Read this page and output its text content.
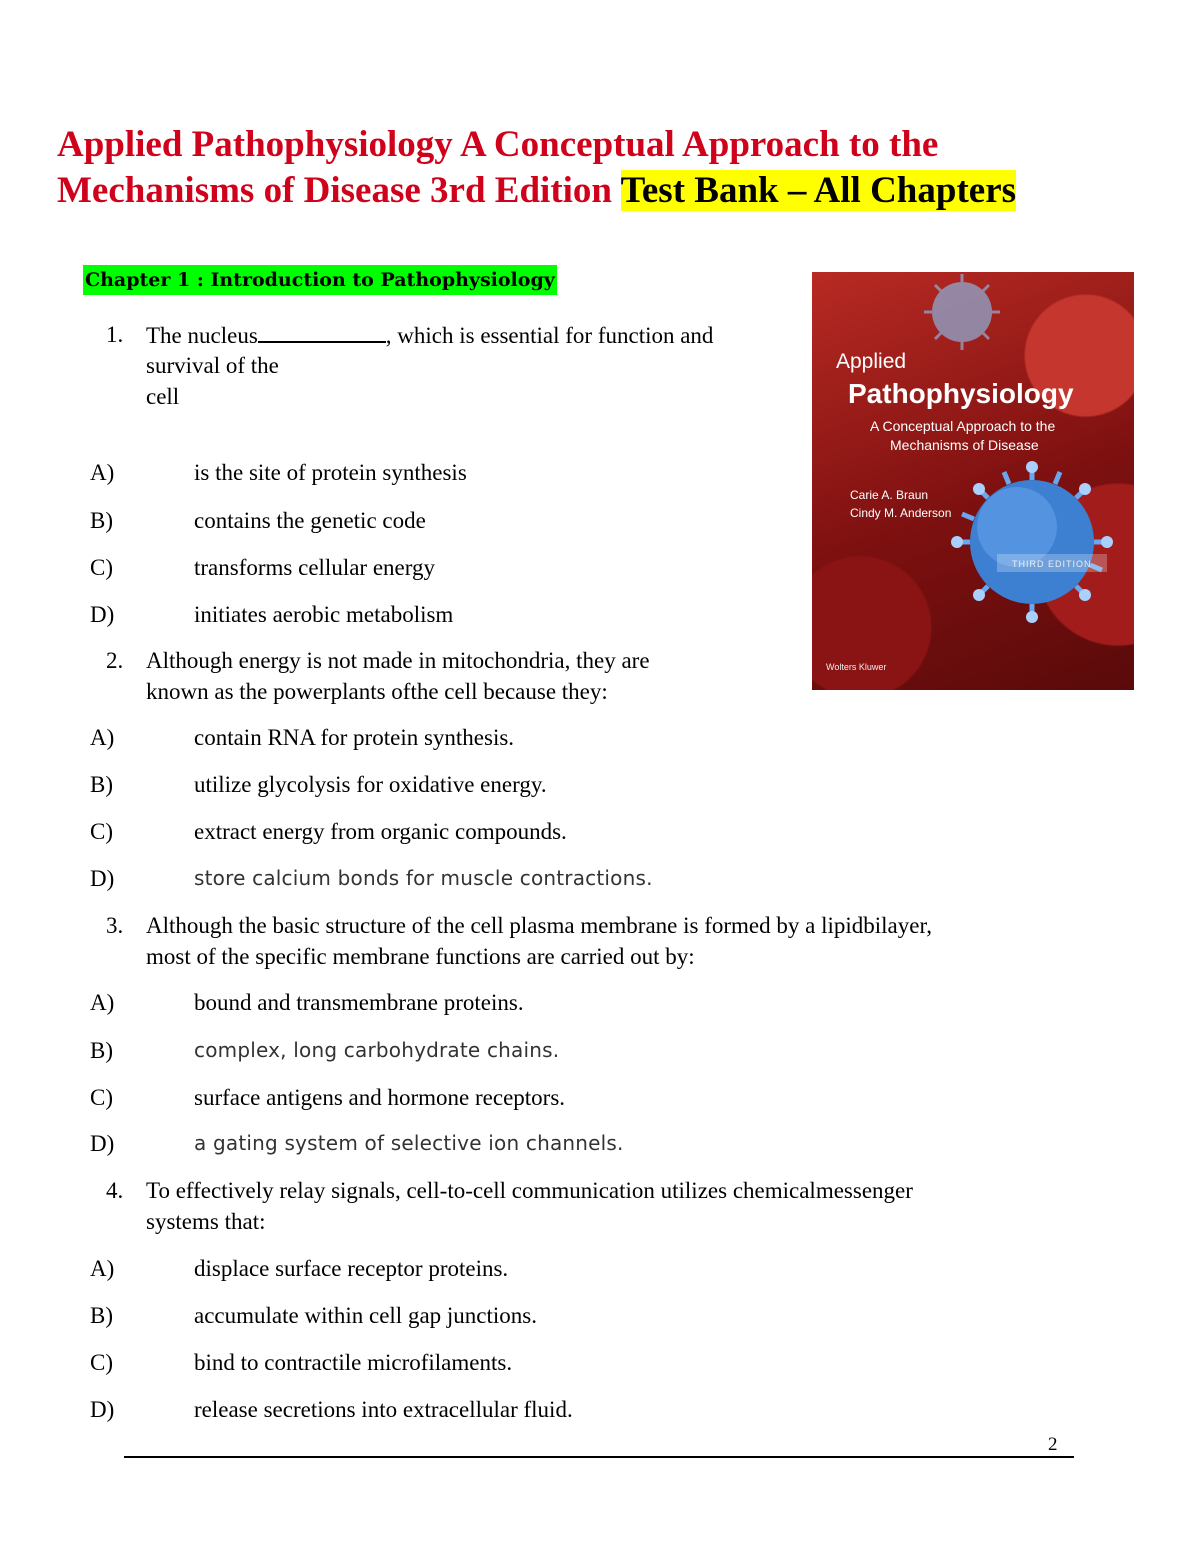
Applied Pathophysiology A Conceptual Approach to the
Mechanisms of Disease 3rd Edition Test Bank – All Chapters
Chapter 1 : Introduction to Pathophysiology
Applied
Pathophysiology
A Conceptual Approach to the
Mechanisms of Disease
Carie A. Braun
Cindy M. Anderson
THIRD EDITION
Wolters Kluwer
1. The nucleus	, which is essential for function and
survival of the
cell
A)	is the site of protein synthesis
B)	contains the genetic code
C)	transforms cellular energy
D)	initiates aerobic metabolism
2. Although energy is not made in mitochondria, they are
known as the powerplants ofthe cell because they:
A)	contain RNA for protein synthesis.
B)	utilize glycolysis for oxidative energy.
C)	extract energy from organic compounds.
D)	store calcium bonds for muscle contractions.
3. Although the basic structure of the cell plasma membrane is formed by a lipidbilayer,
most of the specific membrane functions are carried out by:
A)	bound and transmembrane proteins.
B)	complex, long carbohydrate chains.
C)	surface antigens and hormone receptors.
D)	a gating system of selective ion channels.
4. To effectively relay signals, cell-to-cell communication utilizes chemicalmessenger
systems that:
A)	displace surface receptor proteins.
B)	accumulate within cell gap junctions.
C)	bind to contractile microfilaments.
D)	release secretions into extracellular fluid.
2
